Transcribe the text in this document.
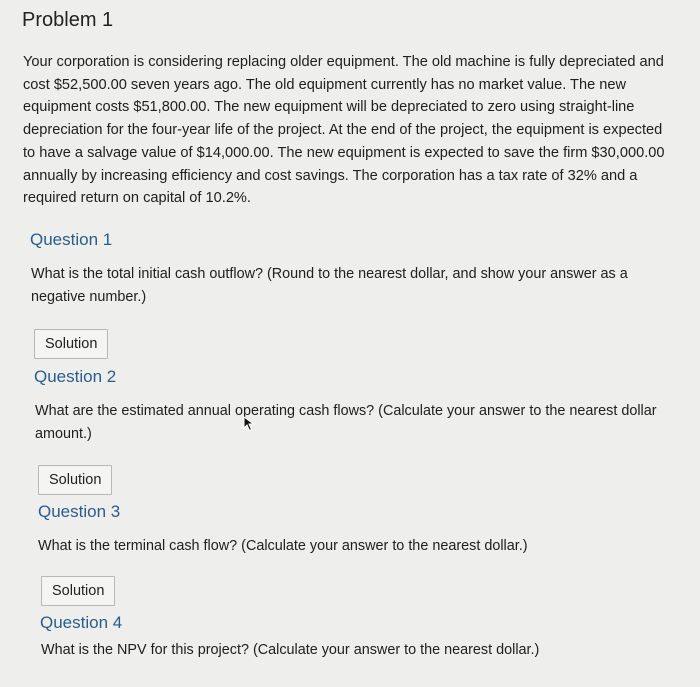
Problem 1

Your corporation is considering replacing older equipment. The old machine is fully depreciated and cost $52,500.00 seven years ago. The old equipment currently has no market value. The new equipment costs $51,800.00. The new equipment will be depreciated to zero using straight-line depreciation for the four-year life of the project. At the end of the project, the equipment is expected to have a salvage value of $14,000.00. The new equipment is expected to save the firm $30,000.00 annually by increasing efficiency and cost savings. The corporation has a tax rate of 32% and a required return on capital of 10.2%.

Question 1

What is the total initial cash outflow? (Round to the nearest dollar, and show your answer as a negative number.)

Solution
Question 2

What are the estimated annual operating cash flows? (Calculate your answer to the nearest dollar amount.)

Solution
Question 3

What is the terminal cash flow? (Calculate your answer to the nearest dollar.)

Solution
Question 4

What is the NPV for this project? (Calculate your answer to the nearest dollar.)
